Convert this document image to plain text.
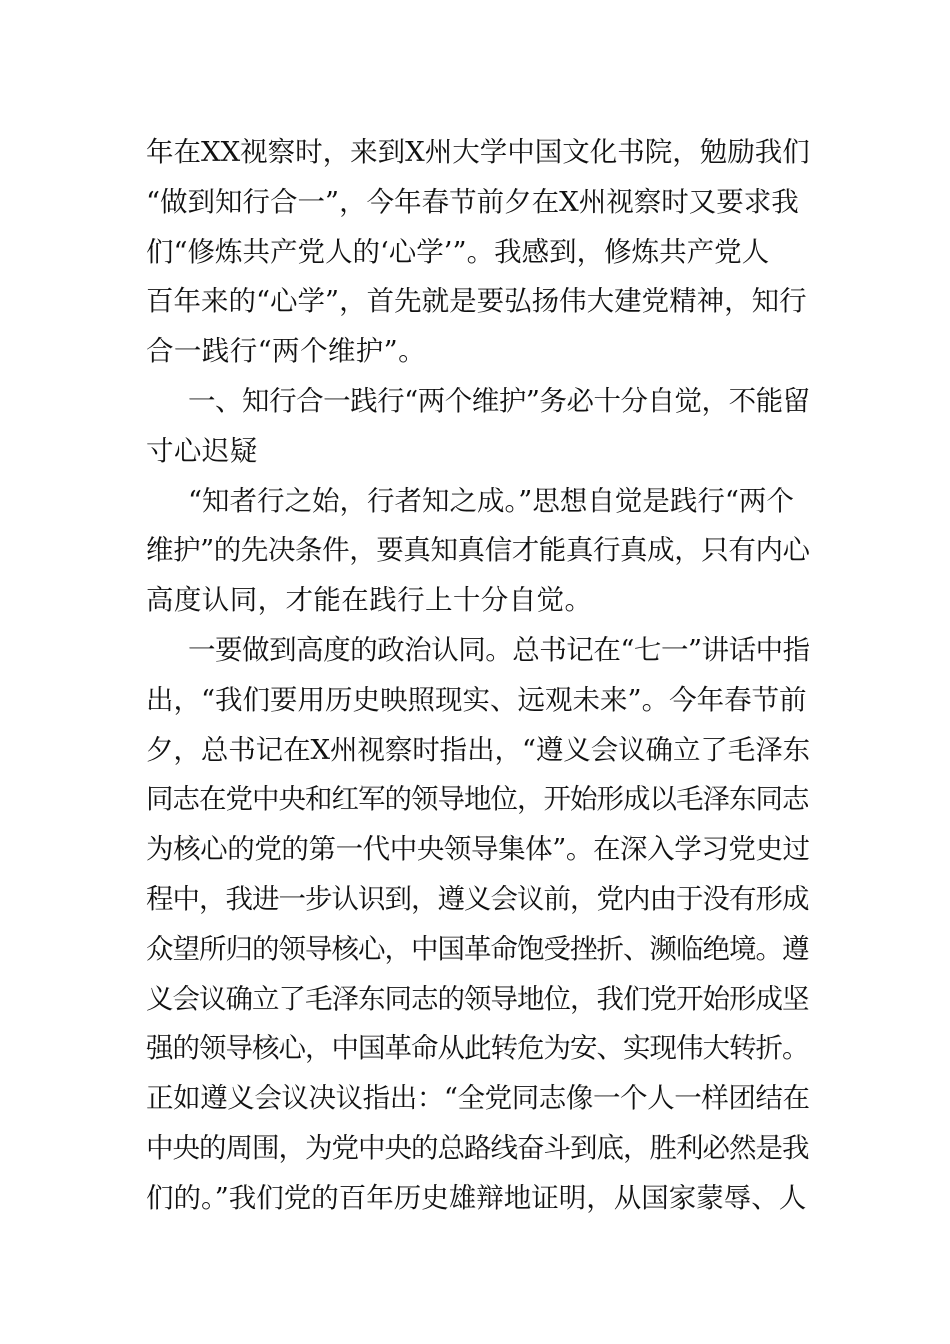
年在XX视察时，来到X州大学中国文化书院，勉励我们
“做到知行合一”，今年春节前夕在X州视察时又要求我
们“修炼共产党人的‘心学’”。我感到，修炼共产党人
百年来的“心学”，首先就是要弘扬伟大建党精神，知行
合一践行“两个维护”。
一、知行合一践行“两个维护”务必十分自觉，不能留
寸心迟疑
“知者行之始，行者知之成。”思想自觉是践行“两个
维护”的先决条件，要真知真信才能真行真成，只有内心
高度认同，才能在践行上十分自觉。
一要做到高度的政治认同。总书记在“七一”讲话中指
出，“我们要用历史映照现实、远观未来”。今年春节前
夕，总书记在X州视察时指出，“遵义会议确立了毛泽东
同志在党中央和红军的领导地位，开始形成以毛泽东同志
为核心的党的第一代中央领导集体”。在深入学习党史过
程中，我进一步认识到，遵义会议前，党内由于没有形成
众望所归的领导核心，中国革命饱受挫折、濒临绝境。遵
义会议确立了毛泽东同志的领导地位，我们党开始形成坚
强的领导核心，中国革命从此转危为安、实现伟大转折。
正如遵义会议决议指出：“全党同志像一个人一样团结在
中央的周围，为党中央的总路线奋斗到底，胜利必然是我
们的。”我们党的百年历史雄辩地证明，从国家蒙辱、人
